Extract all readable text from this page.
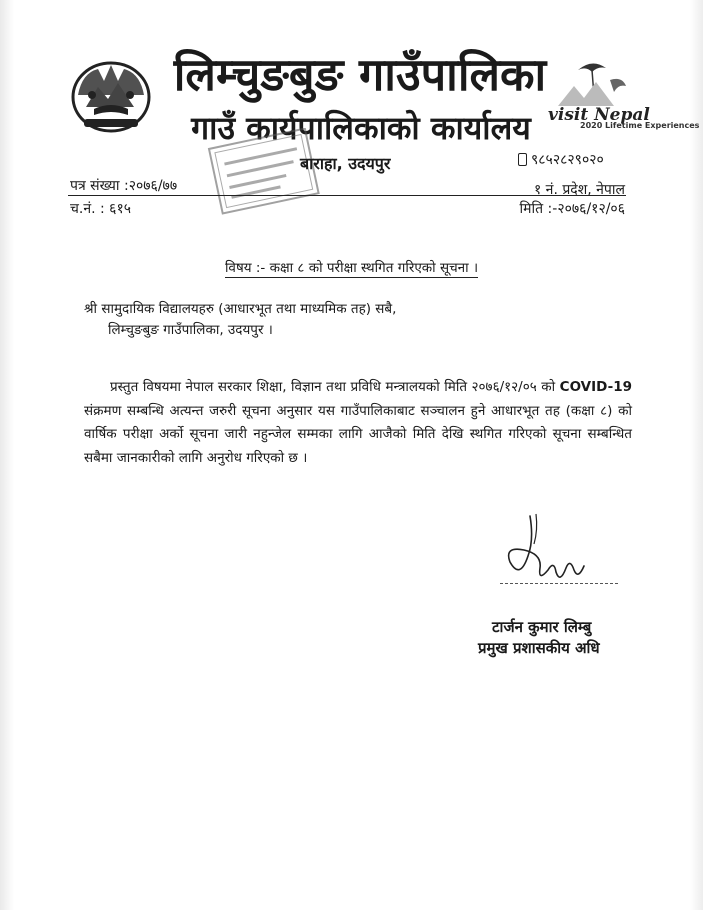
लिम्चुङबुङ गाउँपालिका
गाउँ कार्यपालिकाको कार्यालय
बाराहा, उदयपुर
visit Nepal
2020 Lifetime Experiences
९८५२८२९०२०
पत्र संख्या :२०७६/७७	१ नं. प्रदेश, नेपाल
च.नं. : ६१५	मिति :-२०७६/१२/०६
विषय :- कक्षा ८ को परीक्षा स्थगित गरिएको सूचना ।
श्री सामुदायिक विद्यालयहरु (आधारभूत तथा माध्यमिक तह) सबै,
लिम्चुङबुङ गाउँपालिका, उदयपुर ।
प्रस्तुत विषयमा नेपाल सरकार शिक्षा, विज्ञान तथा प्रविधि मन्त्रालयको मिति २०७६/१२/०५ को COVID-19 संक्रमण सम्बन्धि अत्यन्त जरुरी सूचना अनुसार यस गाउँपालिकाबाट सञ्चालन हुने आधारभूत तह (कक्षा ८) को वार्षिक परीक्षा अर्को सूचना जारी नहुन्जेल सम्मका लागि आजैको मिति देखि स्थगित गरिएको सूचना सम्बन्धित सबैमा जानकारीको लागि अनुरोध गरिएको छ ।
टार्जन कुमार लिम्बु
प्रमुख प्रशासकीय अधि
